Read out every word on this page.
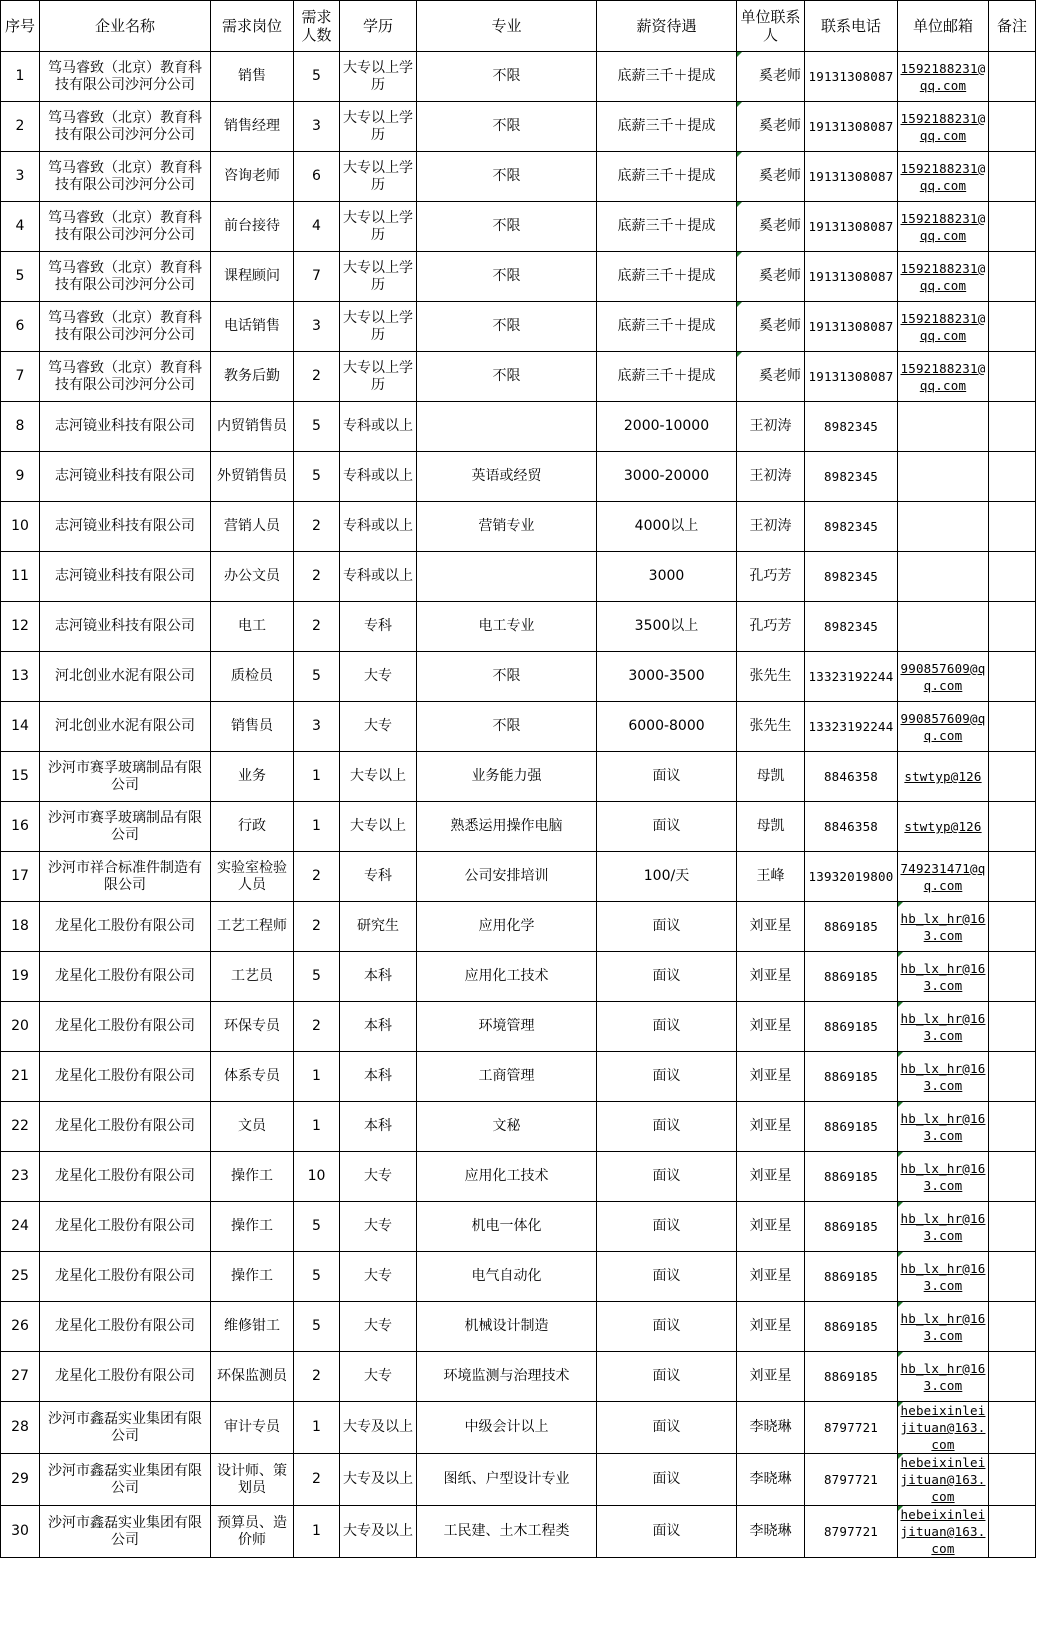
序号	企业名称	需求岗位	需求人数	学历	专业	薪资待遇	单位联系人	联系电话	单位邮箱	备注
1	笃马睿致（北京）教育科技有限公司沙河分公司	销售	5	大专以上学历	不限	底薪三千＋提成	奚老师	19131308087	1592188231@qq.com	
2	笃马睿致（北京）教育科技有限公司沙河分公司	销售经理	3	大专以上学历	不限	底薪三千＋提成	奚老师	19131308087	1592188231@qq.com	
3	笃马睿致（北京）教育科技有限公司沙河分公司	咨询老师	6	大专以上学历	不限	底薪三千＋提成	奚老师	19131308087	1592188231@qq.com	
4	笃马睿致（北京）教育科技有限公司沙河分公司	前台接待	4	大专以上学历	不限	底薪三千＋提成	奚老师	19131308087	1592188231@qq.com	
5	笃马睿致（北京）教育科技有限公司沙河分公司	课程顾问	7	大专以上学历	不限	底薪三千＋提成	奚老师	19131308087	1592188231@qq.com	
6	笃马睿致（北京）教育科技有限公司沙河分公司	电话销售	3	大专以上学历	不限	底薪三千＋提成	奚老师	19131308087	1592188231@qq.com	
7	笃马睿致（北京）教育科技有限公司沙河分公司	教务后勤	2	大专以上学历	不限	底薪三千＋提成	奚老师	19131308087	1592188231@qq.com	
8	志河镜业科技有限公司	内贸销售员	5	专科或以上		2000-10000	王初涛	8982345		
9	志河镜业科技有限公司	外贸销售员	5	专科或以上	英语或经贸	3000-20000	王初涛	8982345		
10	志河镜业科技有限公司	营销人员	2	专科或以上	营销专业	4000以上	王初涛	8982345		
11	志河镜业科技有限公司	办公文员	2	专科或以上		3000	孔巧芳	8982345		
12	志河镜业科技有限公司	电工	2	专科	电工专业	3500以上	孔巧芳	8982345		
13	河北创业水泥有限公司	质检员	5	大专	不限	3000-3500	张先生	13323192244	990857609@qq.com	
14	河北创业水泥有限公司	销售员	3	大专	不限	6000-8000	张先生	13323192244	990857609@qq.com	
15	沙河市赛孚玻璃制品有限公司	业务	1	大专以上	业务能力强	面议	母凯	8846358	stwtyp@126	
16	沙河市赛孚玻璃制品有限公司	行政	1	大专以上	熟悉运用操作电脑	面议	母凯	8846358	stwtyp@126	
17	沙河市祥合标准件制造有限公司	实验室检验人员	2	专科	公司安排培训	100/天	王峰	13932019800	749231471@qq.com	
18	龙星化工股份有限公司	工艺工程师	2	研究生	应用化学	面议	刘亚星	8869185	hb_lx_hr@163.com

19	龙星化工股份有限公司	工艺员	5	本科	应用化工技术	面议	刘亚星	8869185	hb_lx_hr@163.com

20	龙星化工股份有限公司	环保专员	2	本科	环境管理	面议	刘亚星	8869185	hb_lx_hr@163.com

21	龙星化工股份有限公司	体系专员	1	本科	工商管理	面议	刘亚星	8869185	hb_lx_hr@163.com

22	龙星化工股份有限公司	文员	1	本科	文秘	面议	刘亚星	8869185	hb_lx_hr@163.com

23	龙星化工股份有限公司	操作工	10	大专	应用化工技术	面议	刘亚星	8869185	hb_lx_hr@163.com

24	龙星化工股份有限公司	操作工	5	大专	机电一体化	面议	刘亚星	8869185	hb_lx_hr@163.com

25	龙星化工股份有限公司	操作工	5	大专	电气自动化	面议	刘亚星	8869185	hb_lx_hr@163.com

26	龙星化工股份有限公司	维修钳工	5	大专	机械设计制造	面议	刘亚星	8869185	hb_lx_hr@163.com

27	龙星化工股份有限公司	环保监测员	2	大专	环境监测与治理技术	面议	刘亚星	8869185	hb_lx_hr@163.com

28	沙河市鑫磊实业集团有限公司	审计专员	1	大专及以上	中级会计以上	面议	李晓琳	8797721	hebeixinleijituan@163.com

29	沙河市鑫磊实业集团有限公司	设计师、策划员	2	大专及以上	图纸、户型设计专业	面议	李晓琳	8797721	hebeixinleijituan@163.com

30	沙河市鑫磊实业集团有限公司	预算员、造价师	1	大专及以上	工民建、土木工程类	面议	李晓琳	8797721	hebeixinleijituan@163.com
